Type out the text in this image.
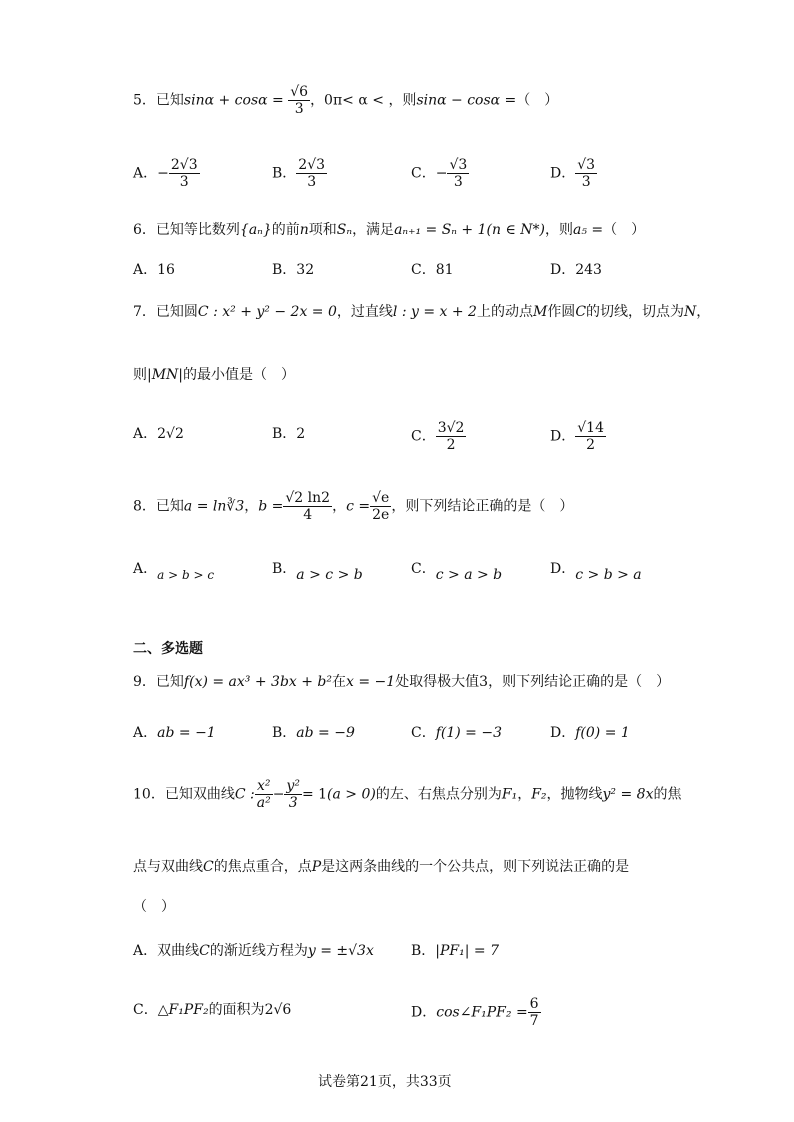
5．已知$\sin\alpha + \cos\alpha = \frac{√6}{3}$ ，0π< α < ，则sinα − cosα =（　）
A．− $\frac{2√3}{3}$	B． $\frac{2√3}{3}$	C．− $\frac{√3}{3}$	D． $\frac{√3}{3}$
6．已知等比数列{aₙ}的前n项和Sₙ，满足aₙ₊₁ = Sₙ + 1(n ∈ N*)，则a₅ =（　）
A．16	B．32	C．81	D．243
7．已知圆C : x² + y² − 2x = 0，过直线l : y = x + 2上的动点M作圆C的切线，切点为N，
则|MN|的最小值是（　）
A．2√2	B．2	C． $\frac{3√2}{2}$	D． $\frac{√14}{2}$
8．已知a = ln∛3，$b = \frac{√2 \ln 2}{4}$ ，$c = \frac{√e}{2e}$ ，则下列结论正确的是（　）
A．a > b > c	B．a > c > b	C．c > a > b	D．c > b > a
二、多选题
9．已知f(x) = ax³ + 3bx + b²在x = −1处取得极大值3，则下列结论正确的是（　）
A．ab = −1	B．ab = −9	C．f(1) = −3	D．f(0) = 1
10．已知双曲线C : $\frac{\text{x²}}{\text{a²}} - \frac{\text{y²}}{3} = 1(a > 0)$的左、右焦点分别为F₁，F₂，抛物线y² = 8x的焦
点与双曲线C的焦点重合，点P是这两条曲线的一个公共点，则下列说法正确的是
（　）
A．双曲线C的渐近线方程为y = ±√3x	B．|PF₁| = 7
C．△F₁PF₂的面积为2√6	D．cos∠F₁PF₂ = $\frac{6}{7}$
试卷第21页，共33页
